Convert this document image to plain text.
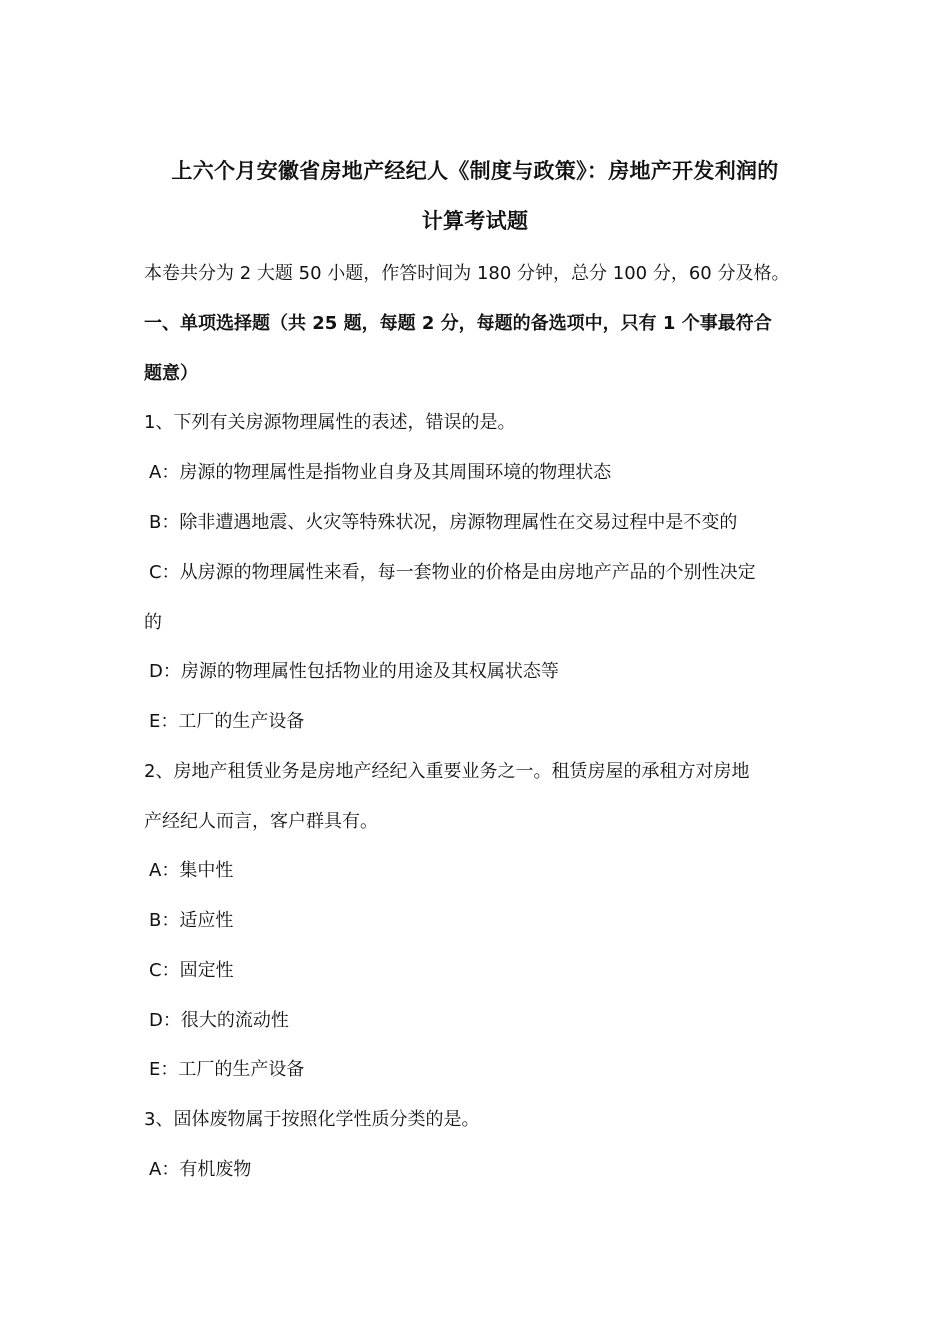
上六个月安徽省房地产经纪人《制度与政策》：房地产开发利润的
计算考试题
本卷共分为 2 大题 50 小题，作答时间为 180 分钟，总分 100 分，60 分及格。
一、单项选择题（共 25 题，每题 2 分，每题的备选项中，只有 1 个事最符合
题意）
1、下列有关房源物理属性的表述，错误的是。
A：房源的物理属性是指物业自身及其周围环境的物理状态
B：除非遭遇地震、火灾等特殊状况，房源物理属性在交易过程中是不变的
C：从房源的物理属性来看，每一套物业的价格是由房地产产品的个别性决定
的
D：房源的物理属性包括物业的用途及其权属状态等
E：工厂的生产设备
2、房地产租赁业务是房地产经纪入重要业务之一。租赁房屋的承租方对房地
产经纪人而言，客户群具有。
A：集中性
B：适应性
C：固定性
D：很大的流动性
E：工厂的生产设备
3、固体废物属于按照化学性质分类的是。
A：有机废物
